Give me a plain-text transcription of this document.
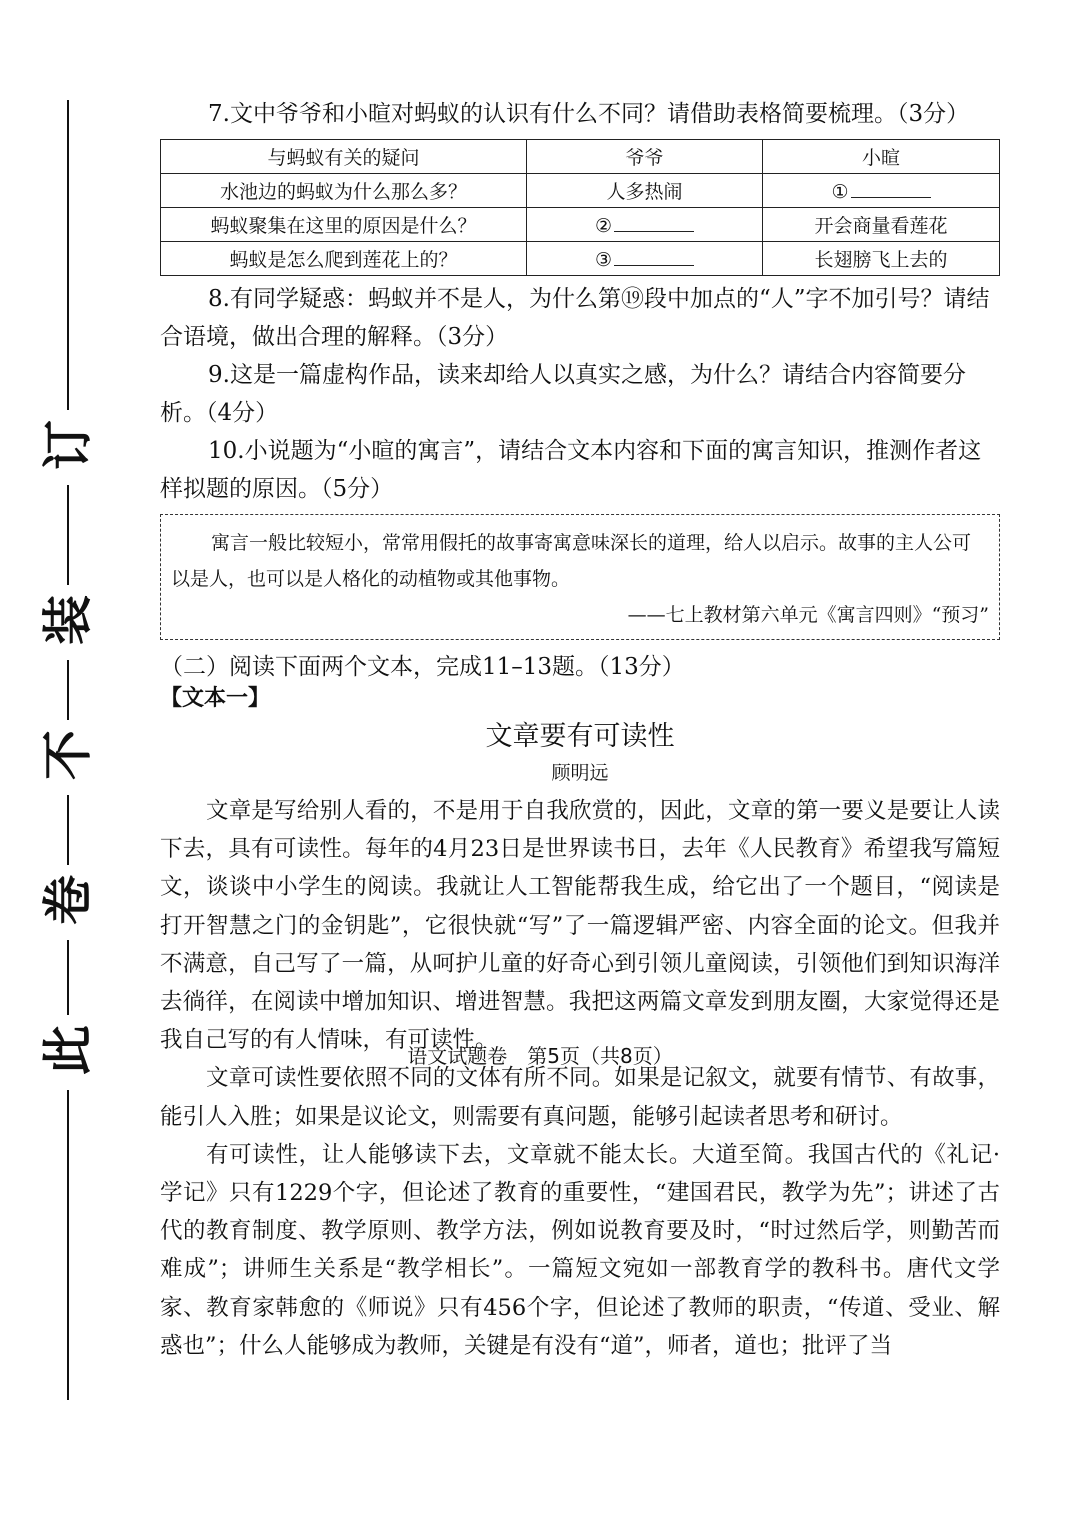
订
装
不
卷
此

7.文中爷爷和小暄对蚂蚁的认识有什么不同？请借助表格简要梳理。（3分）

与蚂蚁有关的疑问	爷爷	小暄
水池边的蚂蚁为什么那么多？	人多热闹	①
蚂蚁聚集在这里的原因是什么？	②	开会商量看莲花
蚂蚁是怎么爬到莲花上的？	③	长翅膀飞上去的

8.有同学疑惑：蚂蚁并不是人，为什么第⑲段中加点的“人”字不加引号？请结合语境，做出合理的解释。（3分）

9.这是一篇虚构作品，读来却给人以真实之感，为什么？请结合内容简要分析。（4分）

10.小说题为“小暄的寓言”，请结合文本内容和下面的寓言知识，推测作者这样拟题的原因。（5分）

寓言一般比较短小，常常用假托的故事寄寓意味深长的道理，给人以启示。故事的主人公可以是人，也可以是人格化的动植物或其他事物。
——七上教材第六单元《寓言四则》“预习”

（二）阅读下面两个文本，完成11–13题。（13分）

【文本一】
文章要有可读性
顾明远

文章是写给别人看的，不是用于自我欣赏的，因此，文章的第一要义是要让人读下去，具有可读性。每年的4月23日是世界读书日，去年《人民教育》希望我写篇短文，谈谈中小学生的阅读。我就让人工智能帮我生成，给它出了一个题目，“阅读是打开智慧之门的金钥匙”，它很快就“写”了一篇逻辑严密、内容全面的论文。但我并不满意，自己写了一篇，从呵护儿童的好奇心到引领儿童阅读，引领他们到知识海洋去徜徉，在阅读中增加知识、增进智慧。我把这两篇文章发到朋友圈，大家觉得还是我自己写的有人情味，有可读性。

文章可读性要依照不同的文体有所不同。如果是记叙文，就要有情节、有故事，能引人入胜；如果是议论文，则需要有真问题，能够引起读者思考和研讨。

有可读性，让人能够读下去，文章就不能太长。大道至简。我国古代的《礼记·学记》只有1229个字，但论述了教育的重要性，“建国君民，教学为先”；讲述了古代的教育制度、教学原则、教学方法，例如说教育要及时，“时过然后学，则勤苦而难成”；讲师生关系是“教学相长”。一篇短文宛如一部教育学的教科书。唐代文学家、教育家韩愈的《师说》只有456个字，但论述了教师的职责，“传道、受业、解惑也”；什么人能够成为教师，关键是有没有“道”，师者，道也；批评了当

语文试题卷　第5页（共8页）
